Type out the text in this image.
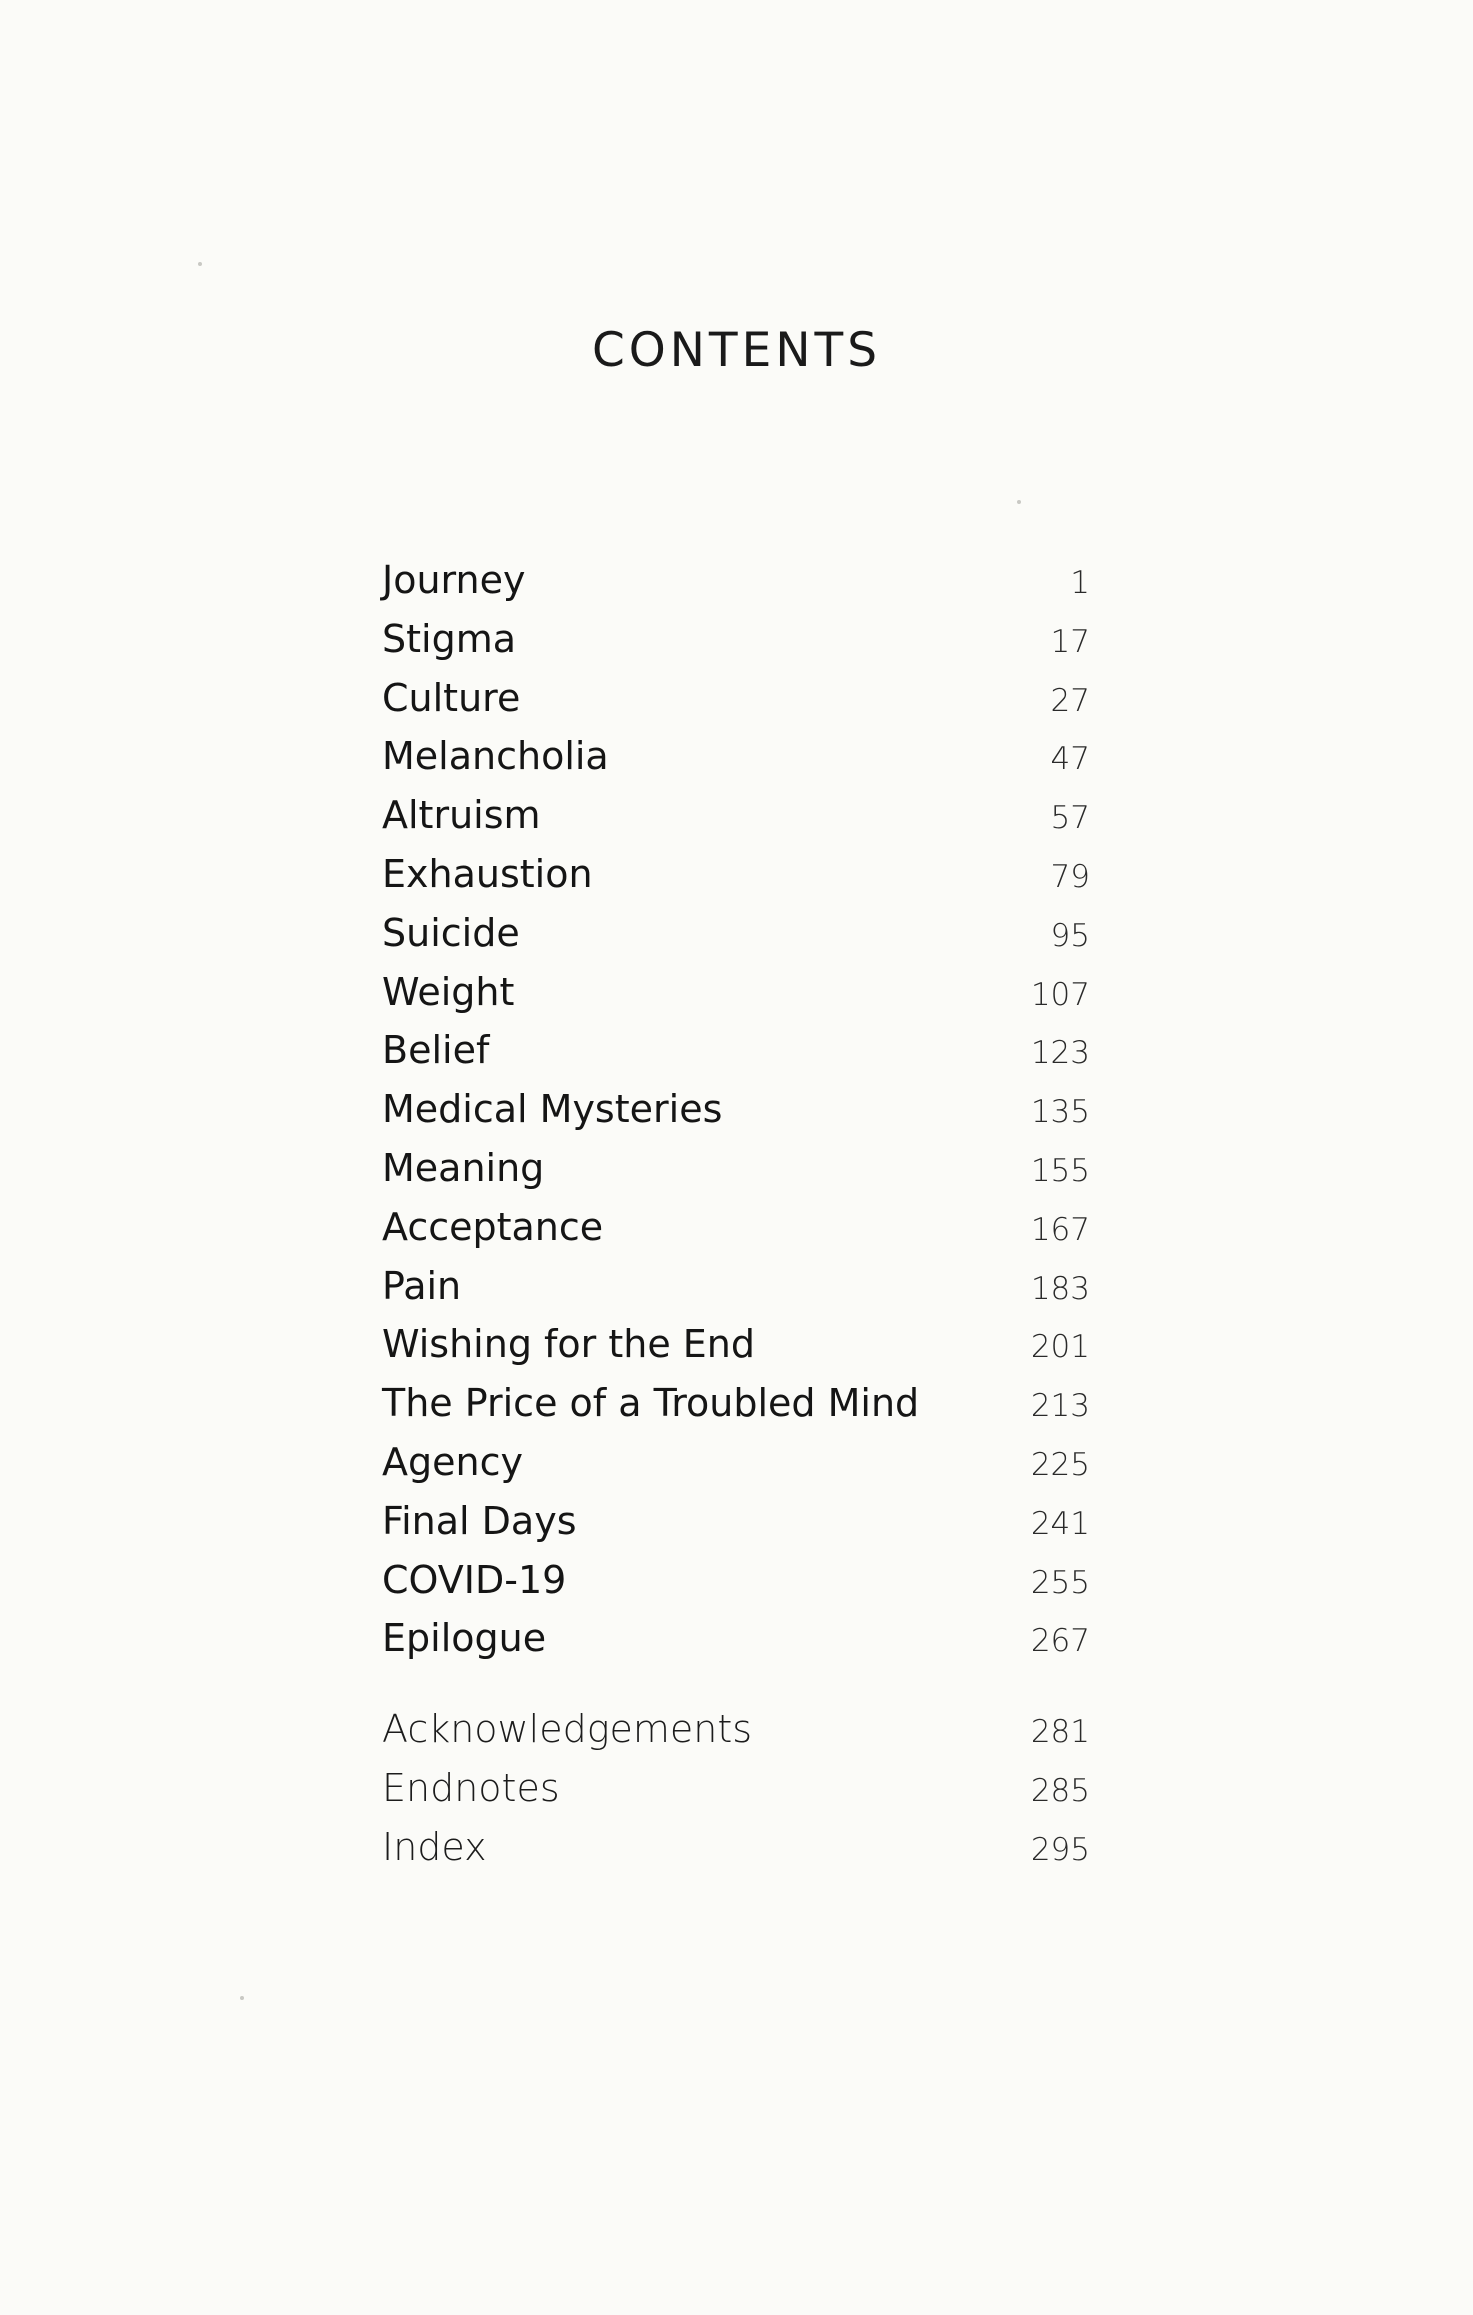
CONTENTS
Journey	1
Stigma	17
Culture	27
Melancholia	47
Altruism	57
Exhaustion	79
Suicide	95
Weight	107
Belief	123
Medical Mysteries	135
Meaning	155
Acceptance	167
Pain	183
Wishing for the End	201
The Price of a Troubled Mind	213
Agency	225
Final Days	241
COVID-19	255
Epilogue	267
Acknowledgements	281
Endnotes	285
Index	295
